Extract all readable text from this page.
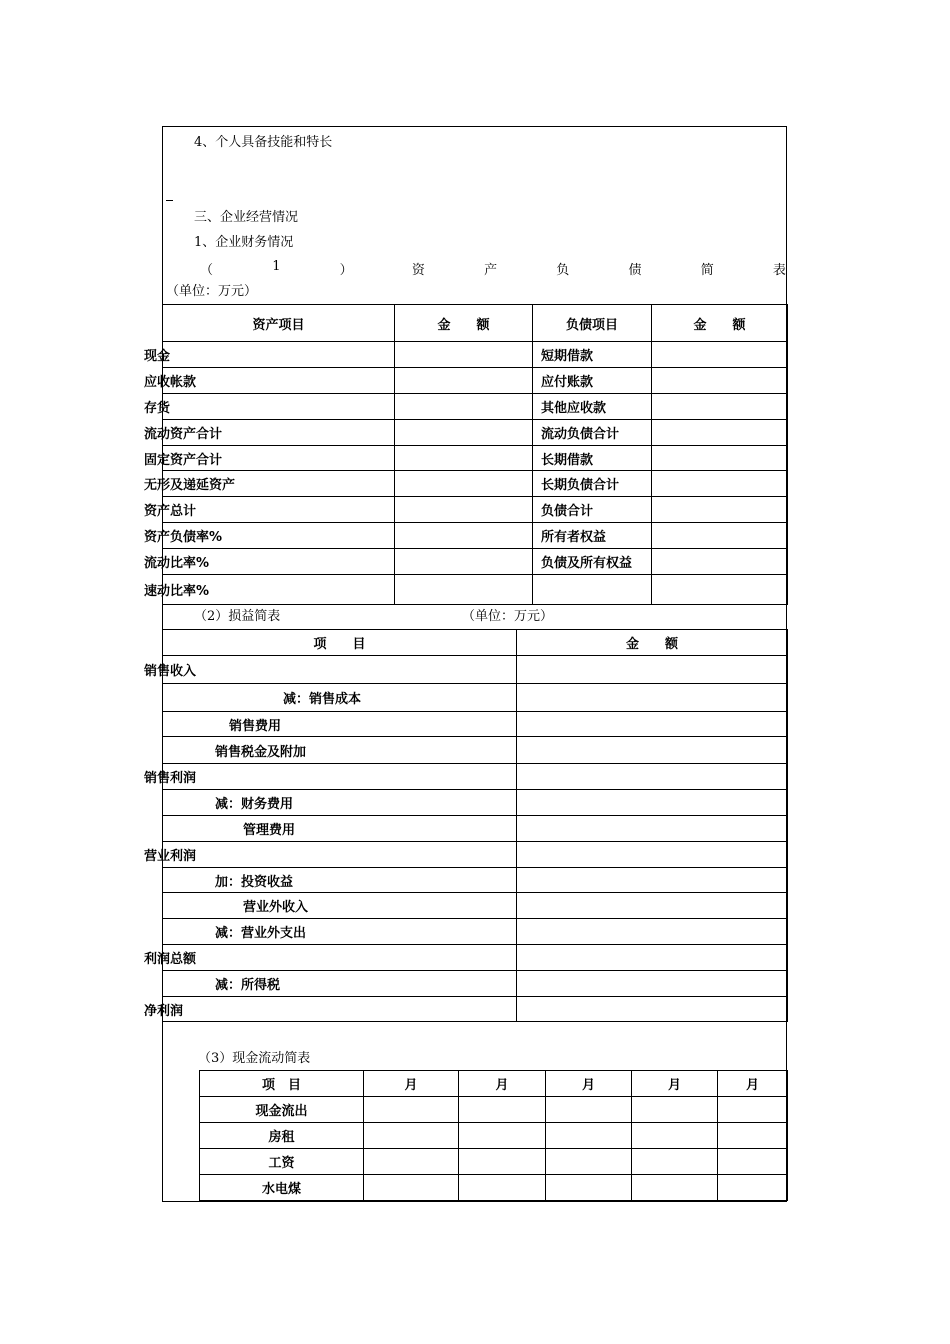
4、个人具备技能和特长
三、企业经营情况
1、企业财务情况
（	1	）	资	产	负	债	简	表
（单位：万元）
资产项目	金　　额	负债项目	金　　额
现金		短期借款	
应收帐款		应付账款	
存货		其他应收款	
流动资产合计		流动负债合计	
固定资产合计		长期借款	
无形及递延资产		长期负债合计	
资产总计		负债合计	
资产负债率%		所有者权益	
流动比率%		负债及所有权益	
速动比率%			
（2）损益简表	（单位：万元）
项　　目	金　　额
销售收入	
减：销售成本	
销售费用	
销售税金及附加	
销售利润	
减：财务费用	
管理费用	
营业利润	
加：投资收益	
营业外收入	
减：营业外支出	
利润总额	
减：所得税	
净利润	
（3）现金流动简表
项　目	月	月	月	月	月
现金流出					
房租					
工资					
水电煤					
